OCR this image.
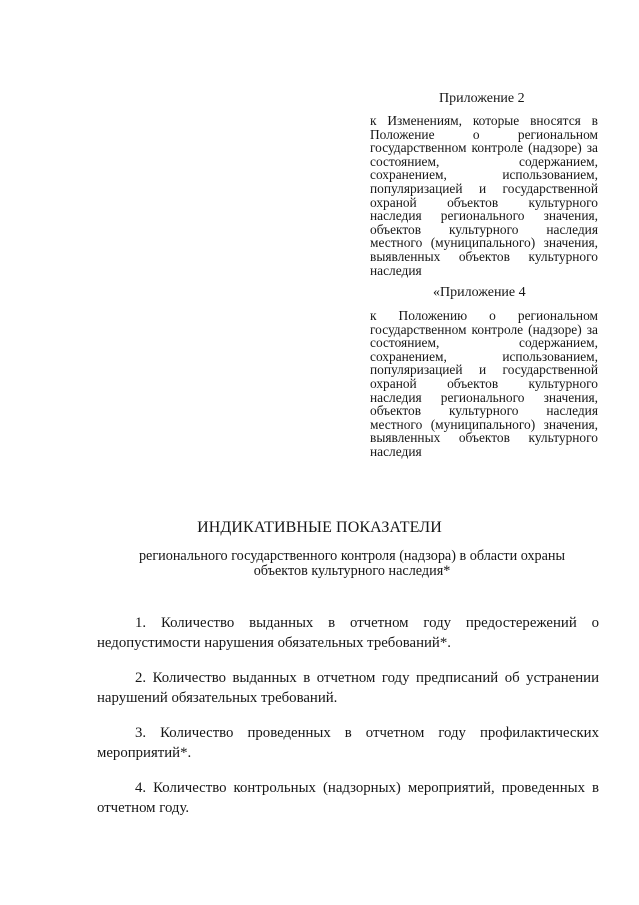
Приложение 2
к Изменениям, которые вносятся в Положение о региональном государственном контроле (надзоре) за состоянием, содержанием, сохранением, использованием, популяризацией и государственной охраной объектов культурного наследия регионального значения, объектов культурного наследия местного (муниципального) значения, выявленных объектов культурного наследия
«Приложение 4
к Положению о региональном государственном контроле (надзоре) за состоянием, содержанием, сохранением, использованием, популяризацией и государственной охраной объектов культурного наследия регионального значения, объектов культурного наследия местного (муниципального) значения, выявленных объектов культурного наследия
ИНДИКАТИВНЫЕ ПОКАЗАТЕЛИ
регионального государственного контроля (надзора) в области охраны объектов культурного наследия*
1. Количество выданных в отчетном году предостережений о недопустимости нарушения обязательных требований*.
2. Количество выданных в отчетном году предписаний об устранении нарушений обязательных требований.
3. Количество проведенных в отчетном году профилактических мероприятий*.
4. Количество контрольных (надзорных) мероприятий, проведенных в отчетном году.
